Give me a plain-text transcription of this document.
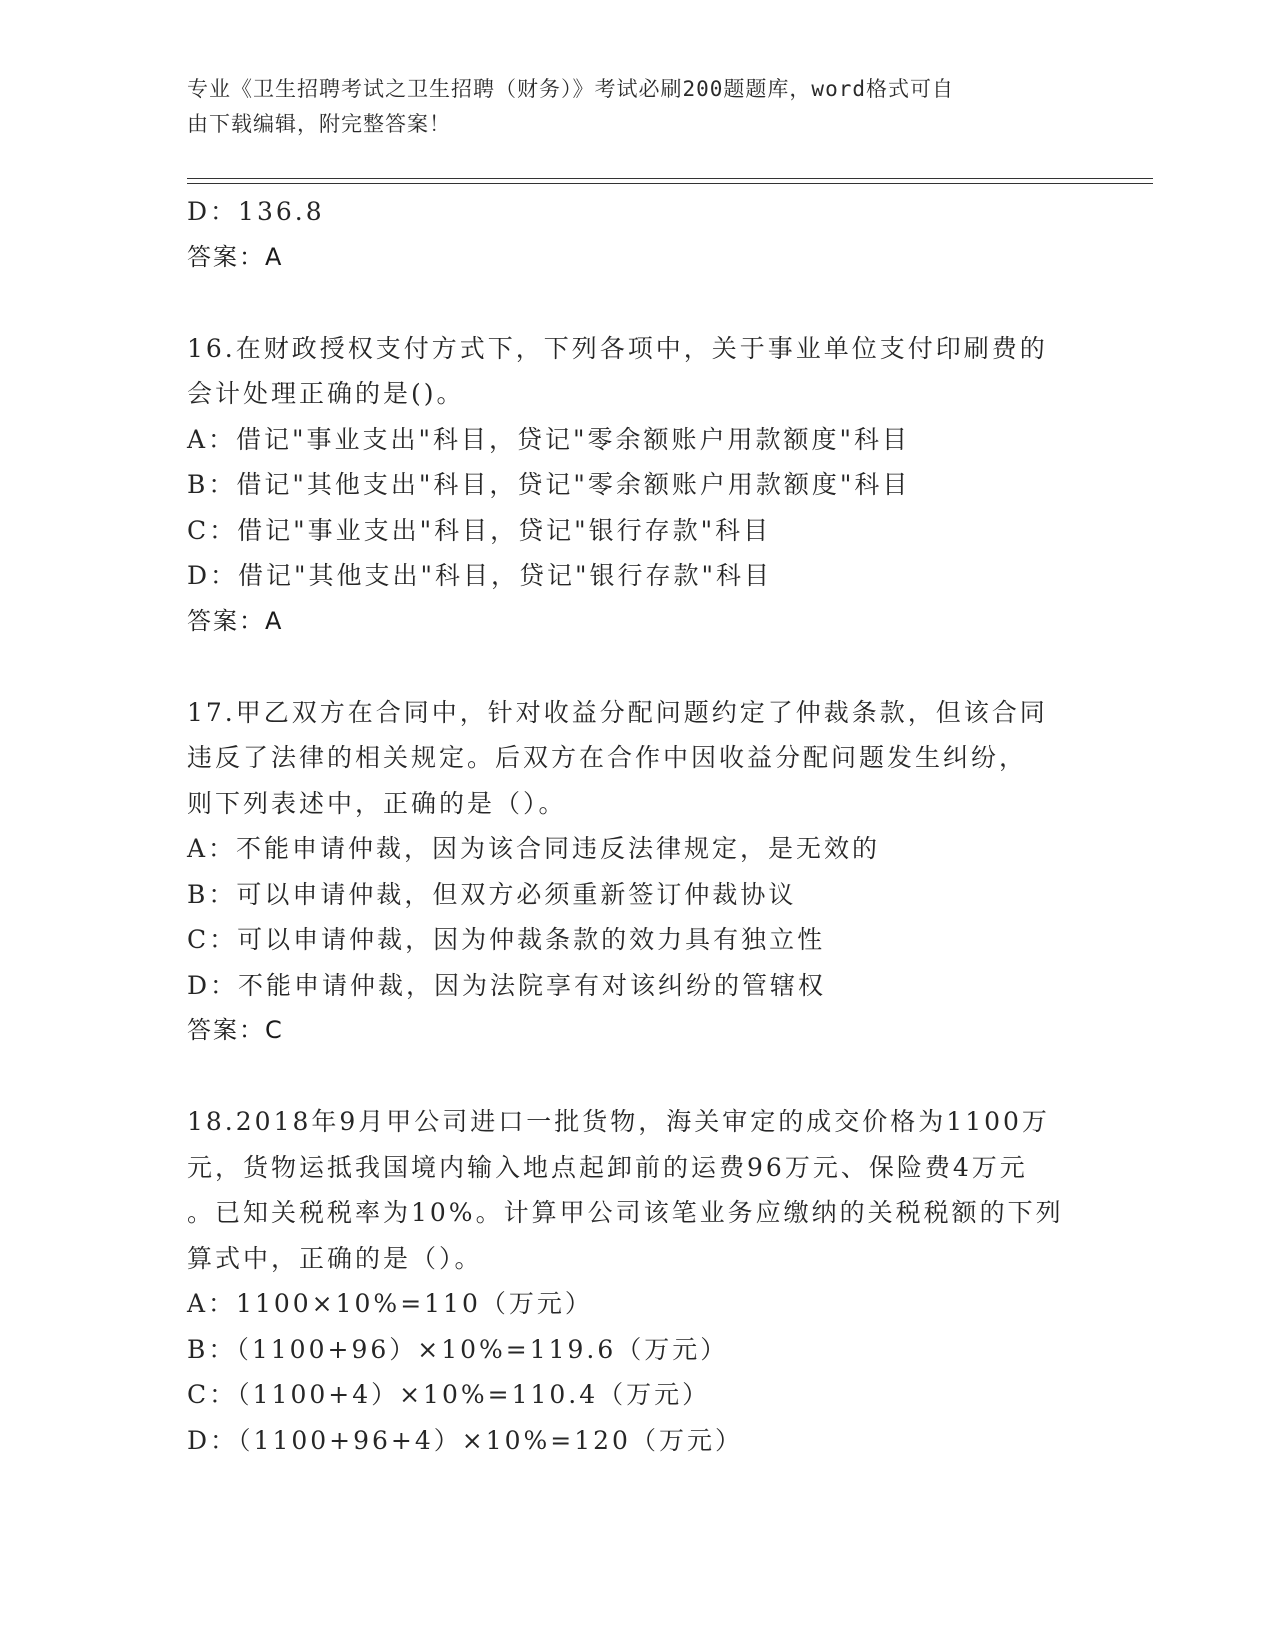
专业《卫生招聘考试之卫生招聘（财务）》考试必刷200题题库，word格式可自
由下载编辑，附完整答案！
D：136.8
答案：A
16.在财政授权支付方式下，下列各项中，关于事业单位支付印刷费的
会计处理正确的是()。
A：借记"事业支出"科目，贷记"零余额账户用款额度"科目
B：借记"其他支出"科目，贷记"零余额账户用款额度"科目
C：借记"事业支出"科目，贷记"银行存款"科目
D：借记"其他支出"科目，贷记"银行存款"科目
答案：A
17.甲乙双方在合同中，针对收益分配问题约定了仲裁条款，但该合同
违反了法律的相关规定。后双方在合作中因收益分配问题发生纠纷，
则下列表述中，正确的是（）。
A：不能申请仲裁，因为该合同违反法律规定，是无效的
B：可以申请仲裁，但双方必须重新签订仲裁协议
C：可以申请仲裁，因为仲裁条款的效力具有独立性
D：不能申请仲裁，因为法院享有对该纠纷的管辖权
答案：C
18.2018年9月甲公司进口一批货物，海关审定的成交价格为1100万
元，货物运抵我国境内输入地点起卸前的运费96万元、保险费4万元
。已知关税税率为10%。计算甲公司该笔业务应缴纳的关税税额的下列
算式中，正确的是（）。
A：1100×10%=110（万元）
B：（1100+96）×10%=119.6（万元）
C：（1100+4）×10%=110.4（万元）
D：（1100+96+4）×10%=120（万元）
